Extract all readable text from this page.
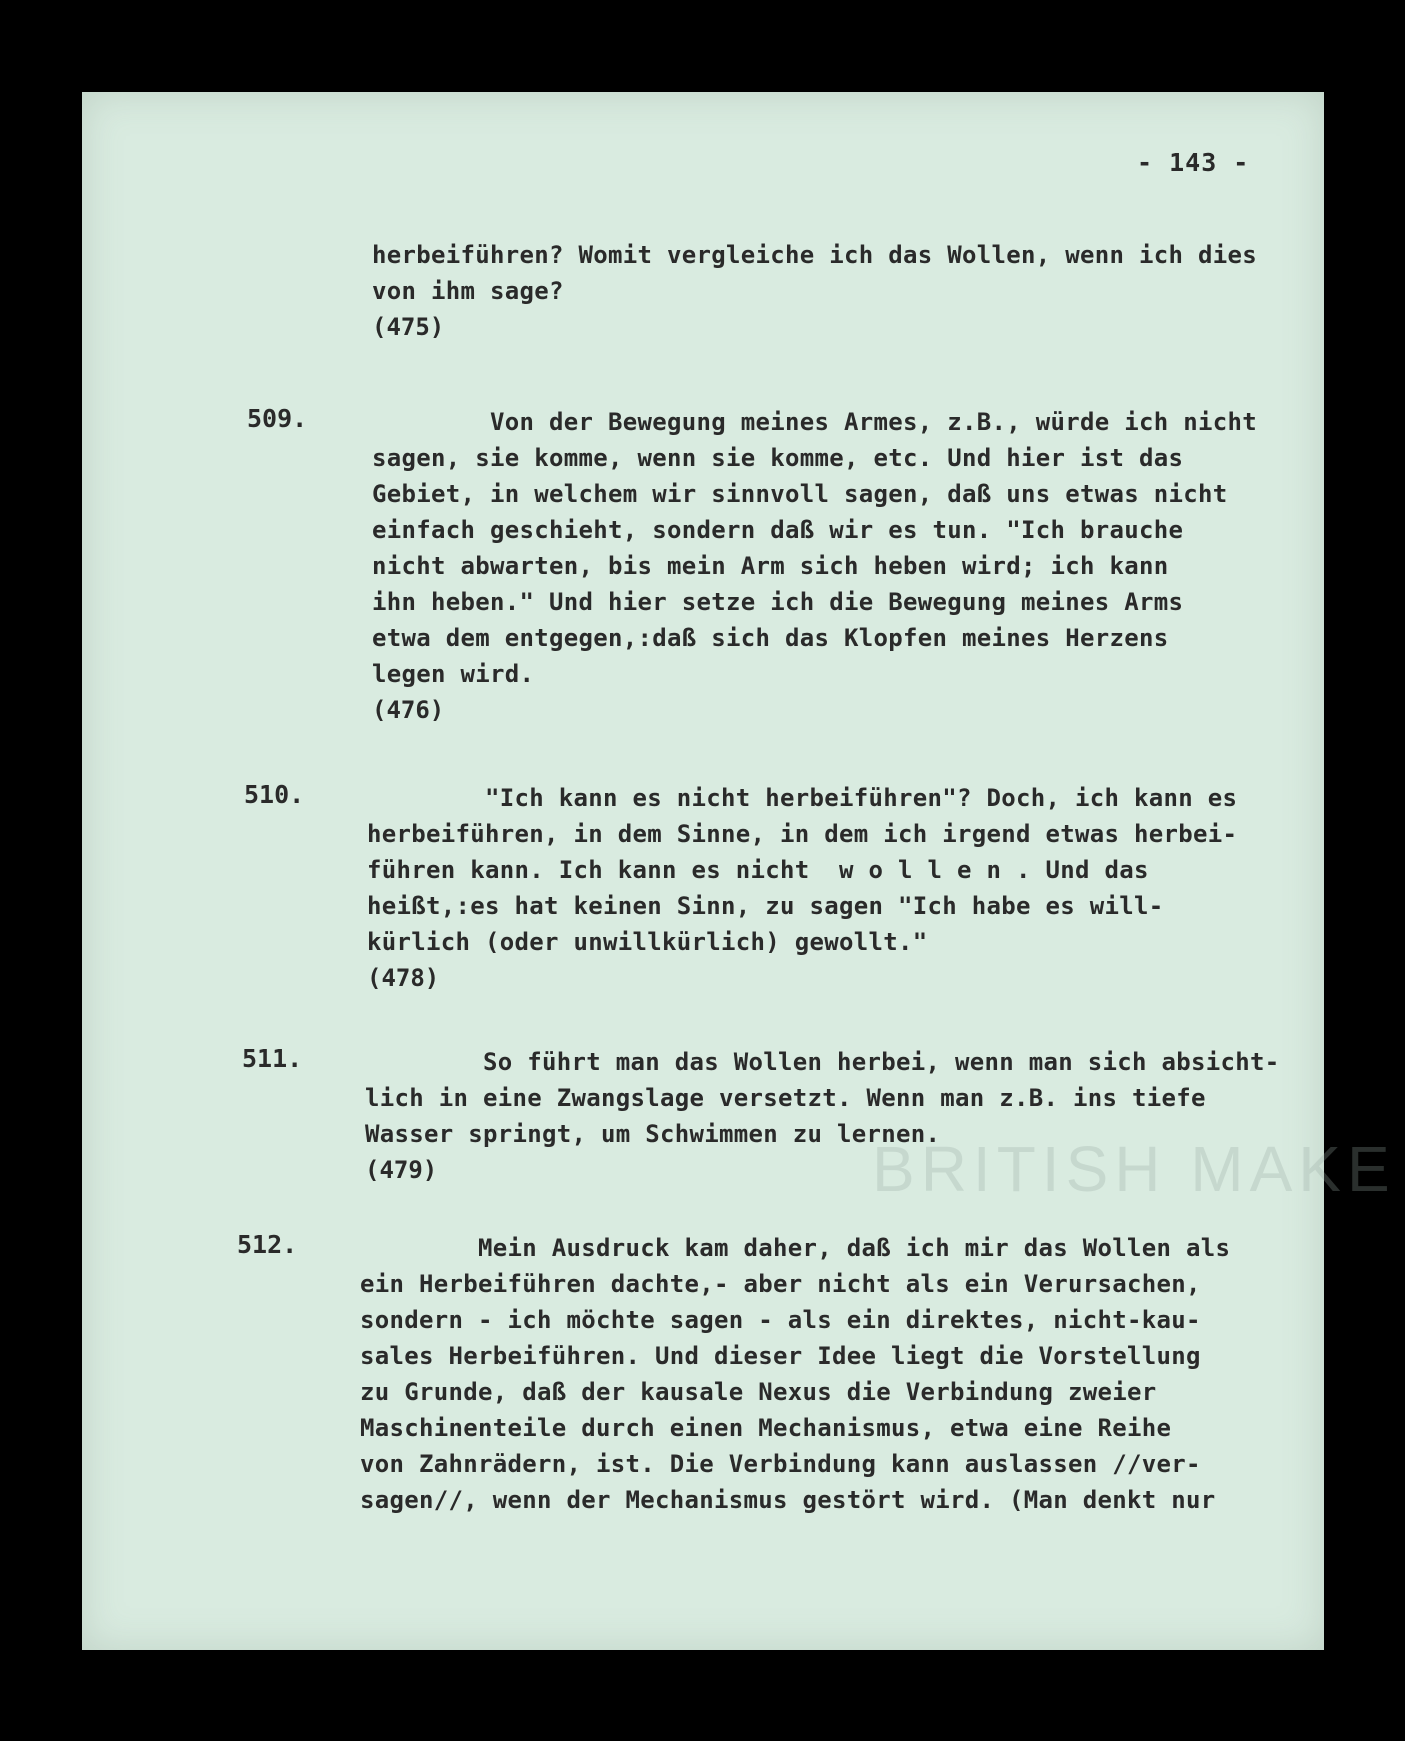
BRITISH MAKE
- 143 -
herbeiführen? Womit vergleiche ich das Wollen, wenn ich dies
von ihm sage?
(475)
509.	Von der Bewegung meines Armes, z.B., würde ich nicht
sagen, sie komme, wenn sie komme, etc. Und hier ist das
Gebiet, in welchem wir sinnvoll sagen, daß uns etwas nicht
einfach geschieht, sondern daß wir es tun. "Ich brauche
nicht abwarten, bis mein Arm sich heben wird; ich kann
ihn heben." Und hier setze ich die Bewegung meines Arms
etwa dem entgegen,:daß sich das Klopfen meines Herzens
legen wird.
(476)
510.	"Ich kann es nicht herbeiführen"? Doch, ich kann es
herbeiführen, in dem Sinne, in dem ich irgend etwas herbei-
führen kann. Ich kann es nicht  w o l l e n . Und das
heißt,:es hat keinen Sinn, zu sagen "Ich habe es will-
kürlich (oder unwillkürlich) gewollt."
(478)
511.	So führt man das Wollen herbei, wenn man sich absicht-
lich in eine Zwangslage versetzt. Wenn man z.B. ins tiefe
Wasser springt, um Schwimmen zu lernen.
(479)
512.	Mein Ausdruck kam daher, daß ich mir das Wollen als
ein Herbeiführen dachte,- aber nicht als ein Verursachen,
sondern - ich möchte sagen - als ein direktes, nicht-kau-
sales Herbeiführen. Und dieser Idee liegt die Vorstellung
zu Grunde, daß der kausale Nexus die Verbindung zweier
Maschinenteile durch einen Mechanismus, etwa eine Reihe
von Zahnrädern, ist. Die Verbindung kann auslassen //ver-
sagen//, wenn der Mechanismus gestört wird. (Man denkt nur
